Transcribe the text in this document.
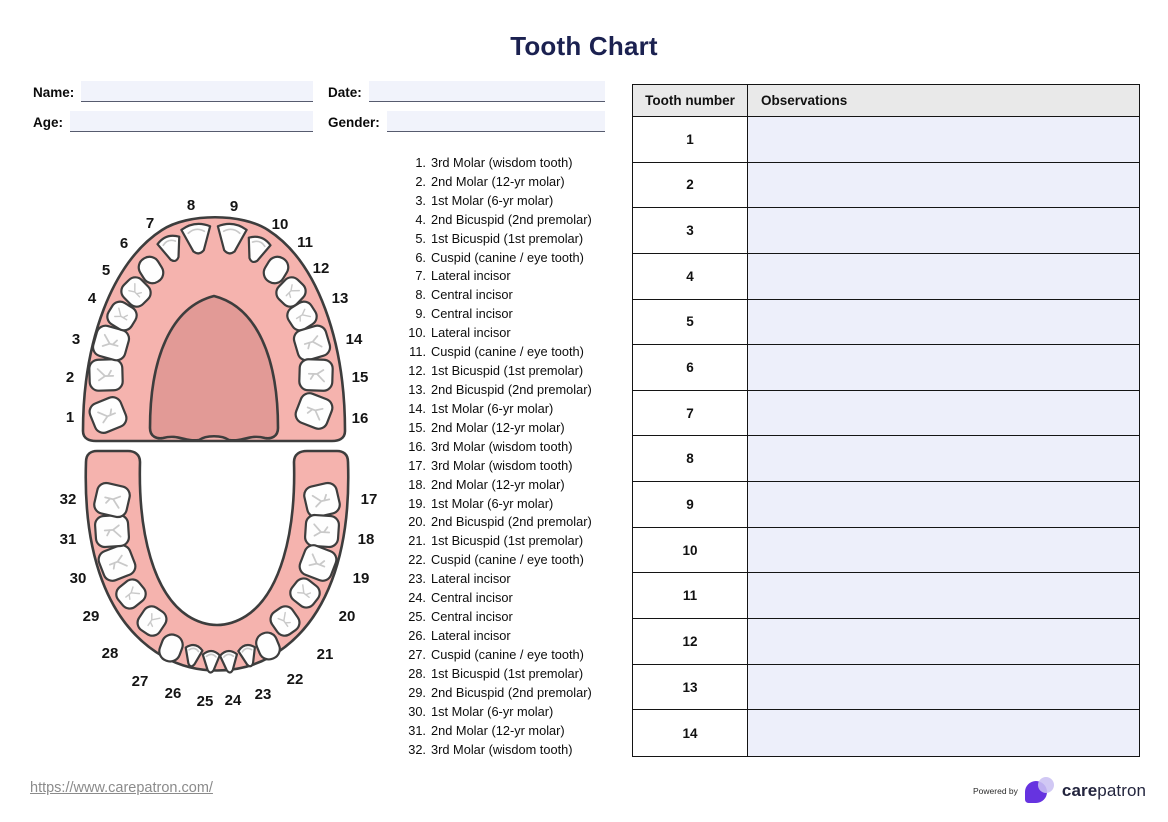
Tooth Chart
Name:	Date:
Age:	Gender:
1
2
3
4
5
6
7
8 9
10
11
12
13
14
15
16
17
18
19
20
21
22
23
24
25
26
27
28
29
30
31
32
1. 3rd Molar (wisdom tooth)
2. 2nd Molar (12-yr molar)
3. 1st Molar (6-yr molar)
4. 2nd Bicuspid (2nd premolar)
5. 1st Bicuspid (1st premolar)
6. Cuspid (canine / eye tooth)
7. Lateral incisor
8. Central incisor
9. Central incisor
10. Lateral incisor
11. Cuspid (canine / eye tooth)
12. 1st Bicuspid (1st premolar)
13. 2nd Bicuspid (2nd premolar)
14. 1st Molar (6-yr molar)
15. 2nd Molar (12-yr molar)
16. 3rd Molar (wisdom tooth)
17. 3rd Molar (wisdom tooth)
18. 2nd Molar (12-yr molar)
19. 1st Molar (6-yr molar)
20. 2nd Bicuspid (2nd premolar)
21. 1st Bicuspid (1st premolar)
22. Cuspid (canine / eye tooth)
23. Lateral incisor
24. Central incisor
25. Central incisor
26. Lateral incisor
27. Cuspid (canine / eye tooth)
28. 1st Bicuspid (1st premolar)
29. 2nd Bicuspid (2nd premolar)
30. 1st Molar (6-yr molar)
31. 2nd Molar (12-yr molar)
32. 3rd Molar (wisdom tooth)
Tooth number	Observations
1
2
3
4
5
6
7
8
9
10
11
12
13
14
https://www.carepatron.com/	Powered by	carepatron
